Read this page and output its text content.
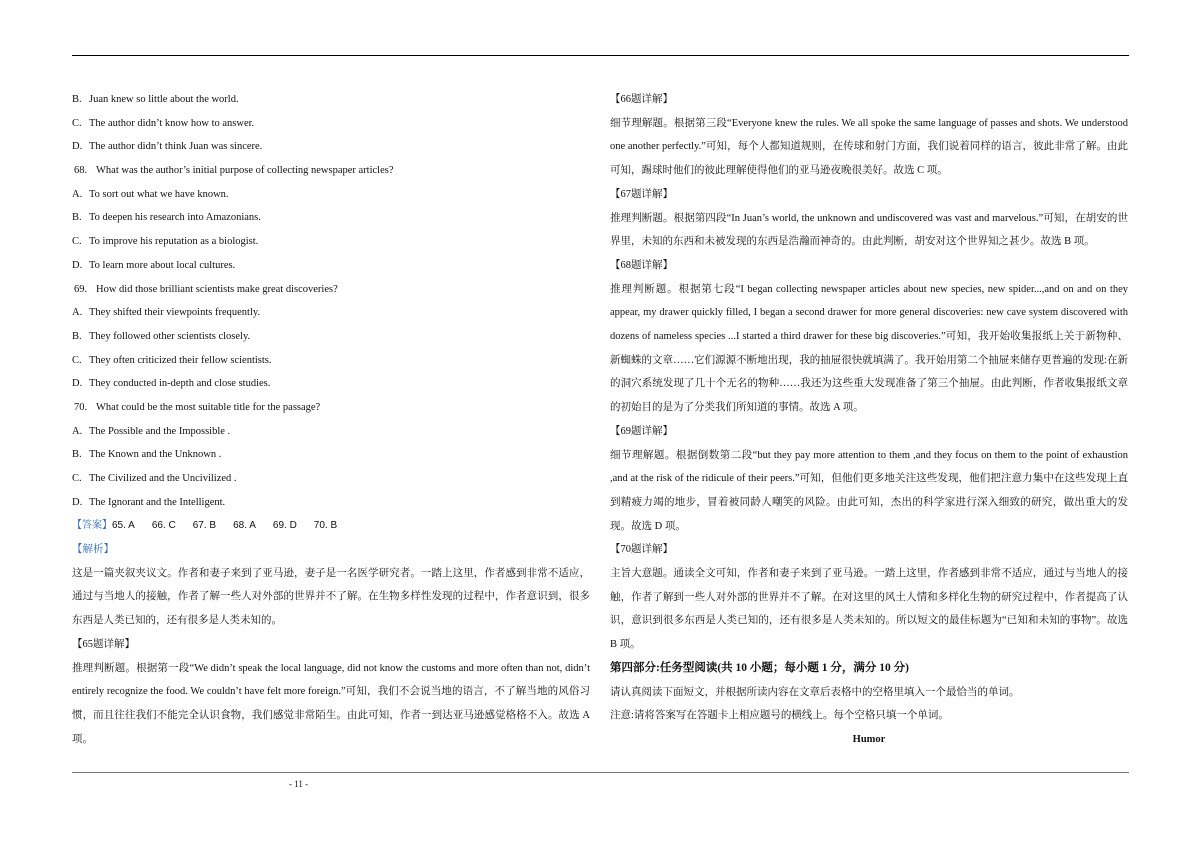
B. Juan knew so little about the world.
C. The author didn’t know how to answer.
D. The author didn’t think Juan was sincere.
68. What was the author’s initial purpose of collecting newspaper articles?
A. To sort out what we have known.
B. To deepen his research into Amazonians.
C. To improve his reputation as a biologist.
D. To learn more about local cultures.
69. How did those brilliant scientists make great discoveries?
A. They shifted their viewpoints frequently.
B. They followed other scientists closely.
C. They often criticized their fellow scientists.
D. They conducted in-depth and close studies.
70. What could be the most suitable title for the passage?
A. The Possible and the Impossible .
B. The Known and the Unknown .
C. The Civilized and the Uncivilized .
D. The Ignorant and the Intelligent.
【答案】65. A 66. C 67. B 68. A 69. D 70. B
【解析】

这是一篇夹叙夹议文。作者和妻子来到了亚马逊，妻子是一名医学研究者。一踏上这里，作者感到非常不适应，通过与当地人的接触，作者了解一些人对外部的世界并不了解。在生物多样性发现的过程中，作者意识到，很多东西是人类已知的，还有很多是人类未知的。

【65题详解】

推理判断题。根据第一段“We didn’t speak the local language, did not know the customs and more often than not, didn’t entirely recognize the food. We couldn’t have felt more foreign.”可知，我们不会说当地的语言，不了解当地的风俗习惯，而且往往我们不能完全认识食物，我们感觉非常陌生。由此可知，作者一到达亚马逊感觉格格不入。故选 A 项。

【66题详解】

细节理解题。根据第三段“Everyone knew the rules. We all spoke the same language of passes and shots. We understood one another perfectly.”可知，每个人都知道规则，在传球和射门方面，我们说着同样的语言，彼此非常了解。由此可知，踢球时他们的彼此理解使得他们的亚马逊夜晚很美好。故选 C 项。

【67题详解】

推理判断题。根据第四段“In Juan’s world, the unknown and undiscovered was vast and marvelous.”可知，在胡安的世界里，未知的东西和未被发现的东西是浩瀚而神奇的。由此判断，胡安对这个世界知之甚少。故选 B 项。

【68题详解】

推理判断题。根据第七段“I began collecting newspaper articles about new species, new spider...,and on and on they appear, my drawer quickly filled, I began a second drawer for more general discoveries: new cave system discovered with dozens of nameless species ...I started a third drawer for these big discoveries.”可知，我开始收集报纸上关于新物种、新蜘蛛的文章……它们源源不断地出现，我的抽屉很快就填满了。我开始用第二个抽屉来储存更普遍的发现:在新的洞穴系统发现了几十个无名的物种……我还为这些重大发现准备了第三个抽屉。由此判断，作者收集报纸文章的初始目的是为了分类我们所知道的事情。故选 A 项。

【69题详解】

细节理解题。根据倒数第二段“but they pay more attention to them ,and they focus on them to the point of exhaustion ,and at the risk of the ridicule of their peers.”可知，但他们更多地关注这些发现，他们把注意力集中在这些发现上直到精疲力竭的地步，冒着被同龄人嘲笑的风险。由此可知，杰出的科学家进行深入细致的研究，做出重大的发现。故选 D 项。

【70题详解】

主旨大意题。通读全文可知，作者和妻子来到了亚马逊。一踏上这里，作者感到非常不适应，通过与当地人的接触，作者了解到一些人对外部的世界并不了解。在对这里的风土人情和多样化生物的研究过程中，作者提高了认识，意识到很多东西是人类已知的，还有很多是人类未知的。所以短文的最佳标题为“已知和未知的事物”。故选 B 项。

第四部分:任务型阅读(共 10 小题；每小题 1 分，满分 10 分)

请认真阅读下面短文，并根据所读内容在文章后表格中的空格里填入一个最恰当的单词。

注意:请将答案写在答题卡上相应题号的横线上。每个空格只填一个单词。

Humor

- 11 -
